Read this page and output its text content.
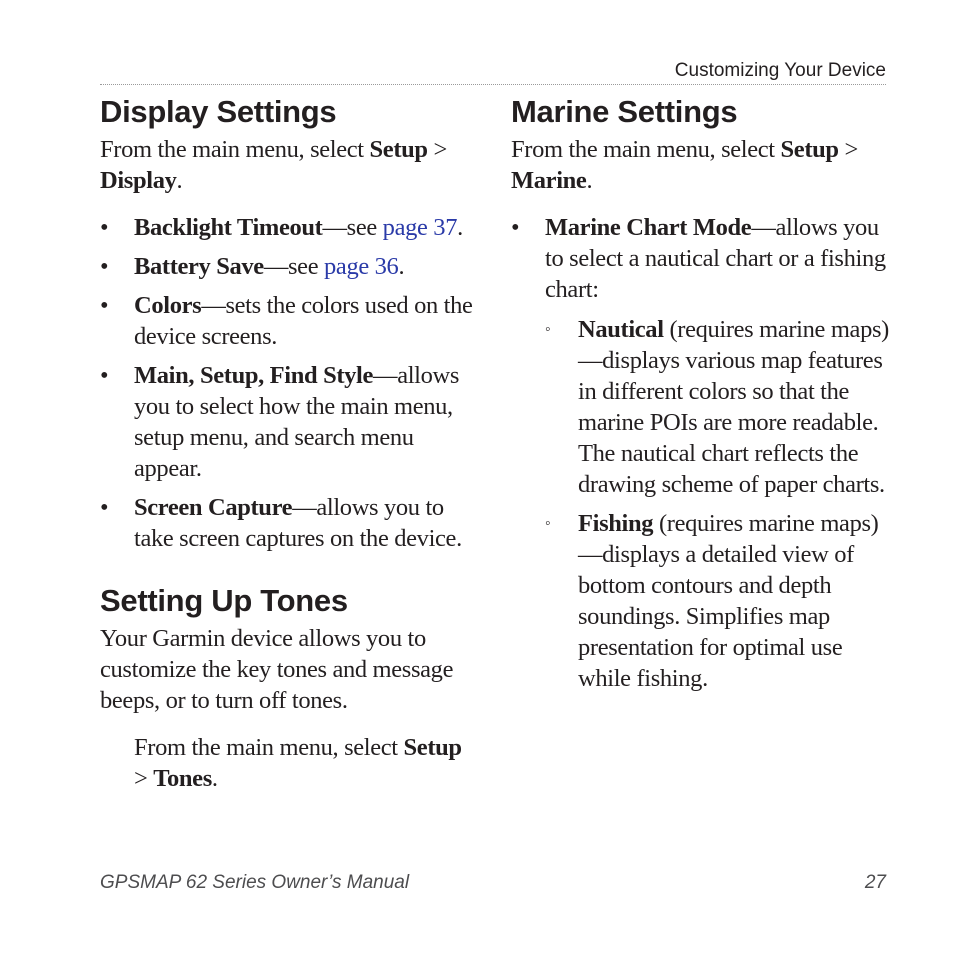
Customizing Your Device
Display Settings

From the main menu, select Setup > Display.

• Backlight Timeout—see page 37.
• Battery Save—see page 36.
• Colors—sets the colors used on the device screens.
• Main, Setup, Find Style—allows you to select how the main menu, setup menu, and search menu appear.
• Screen Capture—allows you to take screen captures on the device.
Setting Up Tones

Your Garmin device allows you to customize the key tones and message beeps, or to turn off tones.

From the main menu, select Setup > Tones.

Marine Settings

From the main menu, select Setup > Marine.

• Marine Chart Mode—allows you to select a nautical chart or a fishing chart:
◦ Nautical (requires marine maps)—displays various map features in different colors so that the marine POIs are more readable. The nautical chart reflects the drawing scheme of paper charts.
◦ Fishing (requires marine maps)—displays a detailed view of bottom contours and depth soundings. Simplifies map presentation for optimal use while fishing.
GPSMAP 62 Series Owner’s Manual	27
